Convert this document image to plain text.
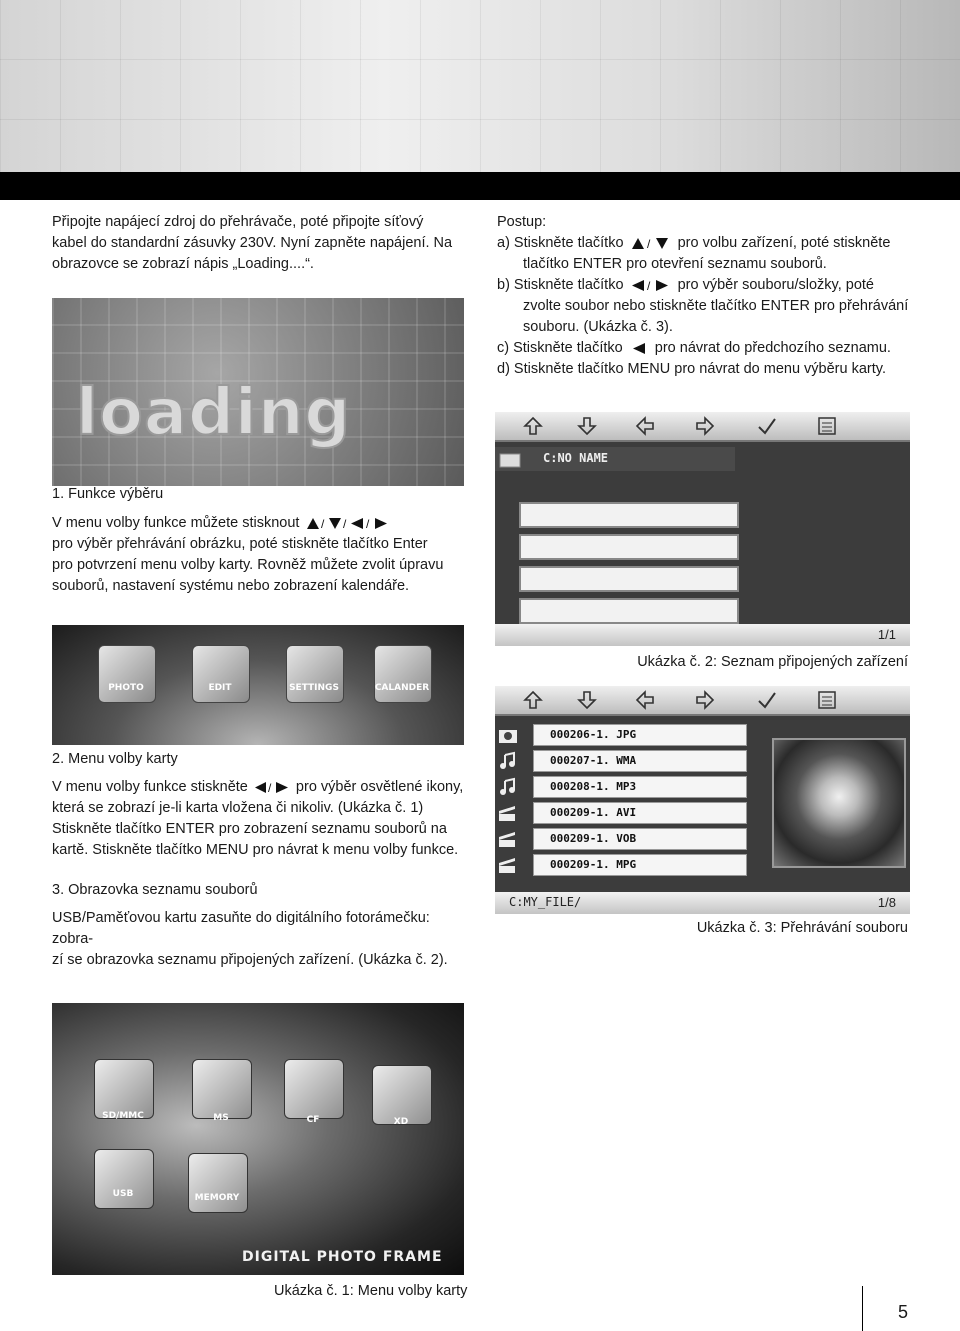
Připojte napájecí zdroj do přehrávače, poté připojte síťový

kabel do standardní zásuvky 230V. Nyní zapněte napájení. Na

obrazovce se zobrazí nápis „Loading....“.

Postup:

a) Stiskněte tlačítko / pro volbu zařízení, poté stiskněte

tlačítko ENTER pro otevření seznamu souborů.

b) Stiskněte tlačítko / pro výběr souboru/složky, poté

zvolte soubor nebo stiskněte tlačítko ENTER pro přehrávání

souboru. (Ukázka č. 3).

c) Stiskněte tlačítko pro návrat do předchozího seznamu.

d) Stiskněte tlačítko MENU pro návrat do menu výběru karty.

loading

1. Funkce výběru

V menu volby funkce můžete stisknout / / /

pro výběr přehrávání obrázku, poté stiskněte tlačítko Enter

pro potvrzení menu volby karty. Rovněž můžete zvolit úpravu

souborů, nastavení systému nebo zobrazení kalendáře.

PHOTO	EDIT	SETTINGS	CALANDER
C:NO NAME
1/1
Ukázka č. 2: Seznam připojených zařízení
000206-1. JPG
000207-1. WMA
000208-1. MP3
000209-1. AVI
000209-1. VOB
000209-1. MPG
C:MY_FILE/	1/8
Ukázka č. 3: Přehrávání souboru

2. Menu volby karty

V menu volby funkce stiskněte / pro výběr osvětlené ikony,

která se zobrazí je-li karta vložena či nikoliv. (Ukázka č. 1)

Stiskněte tlačítko ENTER pro zobrazení seznamu souborů na

kartě. Stiskněte tlačítko MENU pro návrat k menu volby funkce.

3. Obrazovka seznamu souborů

USB/Paměťovou kartu zasuňte do digitálního fotorámečku: zobra-

zí se obrazovka seznamu připojených zařízení. (Ukázka č. 2).

SD/MMC	MS	CF	XD
USB	MEMORY
DIGITAL PHOTO FRAME
Ukázka č. 1: Menu volby karty
5
